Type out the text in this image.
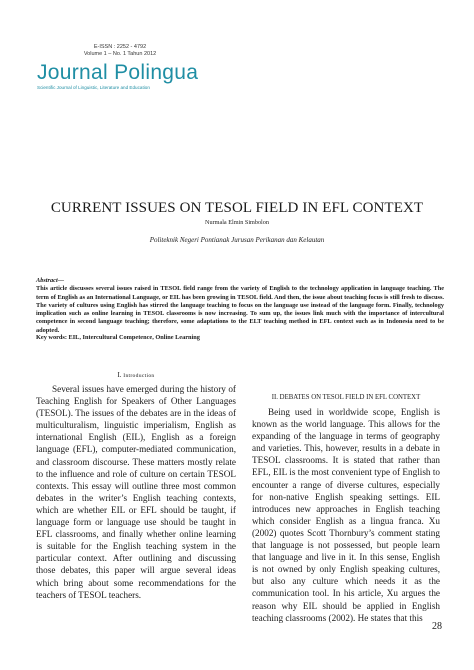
E-ISSN : 2252 - 4792
Volume 1 – No. 1 Tahun 2012
Journal Polingua
Scientific Journal of Linguistic, Literature and Education
CURRENT ISSUES ON TESOL FIELD IN EFL CONTEXT
Nurmala Elmin Simbolon
Politeknik Negeri Pontianak Jurusan Perikanan dan Kelautan
Abstract—
This article discusses several issues raised in TESOL field range from the variety of English to the technology application in language teaching. The term of English as an International Language, or EIL has been growing in TESOL field. And then, the issue about teaching focus is still fresh to discuss. The variety of cultures using English has stirred the language teaching to focus on the language use instead of the language form. Finally, technology implication such as online learning in TESOL classrooms is now increasing. To sum up, the issues link much with the importance of intercultural competence in second language teaching; therefore, some adaptations to the ELT teaching method in EFL context such as in Indonesia need to be adopted.
Key words: EIL, Intercultural Competence, Online Learning
I. Introduction

Several issues have emerged during the history of Teaching English for Speakers of Other Languages (TESOL). The issues of the debates are in the ideas of multiculturalism, linguistic imperialism, English as international English (EIL), English as a foreign language (EFL), computer-mediated communication, and classroom discourse. These matters mostly relate to the influence and role of culture on certain TESOL contexts. This essay will outline three most common debates in the writer’s English teaching contexts, which are whether EIL or EFL should be taught, if language form or language use should be taught in EFL classrooms, and finally whether online learning is suitable for the English teaching system in the particular context. After outlining and discussing those debates, this paper will argue several ideas which bring about some recommendations for the teachers of TESOL teachers.

II. DEBATES ON TESOL FIELD IN EFL CONTEXT

Being used in worldwide scope, English is known as the world language. This allows for the expanding of the language in terms of geography and varieties. This, however, results in a debate in TESOL classrooms. It is stated that rather than EFL, EIL is the most convenient type of English to encounter a range of diverse cultures, especially for non-native English speaking settings. EIL introduces new approaches in English teaching which consider English as a lingua franca. Xu (2002) quotes Scott Thornbury’s comment stating that language is not possessed, but people learn that language and live in it. In this sense, English is not owned by only English speaking cultures, but also any culture which needs it as the communication tool. In his article, Xu argues the reason why EIL should be applied in English teaching classrooms (2002). He states that this

28
